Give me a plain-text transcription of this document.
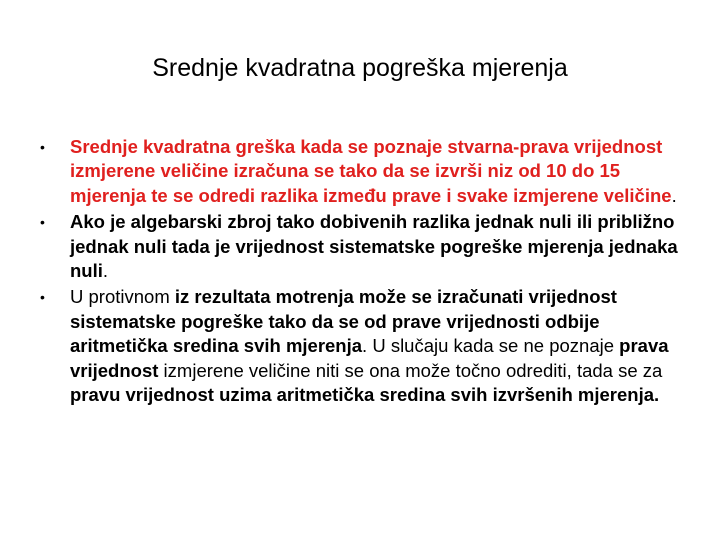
Srednje kvadratna pogreška mjerenja
• Srednje kvadratna greška kada se poznaje stvarna-prava vrijednost izmjerene veličine izračuna se tako da se izvrši niz od 10 do 15 mjerenja te se odredi razlika između prave i svake izmjerene veličine.
• Ako je algebarski zbroj tako dobivenih razlika jednak nuli ili približno jednak nuli tada je vrijednost sistematske pogreške mjerenja jednaka nuli.
• U protivnom iz rezultata motrenja može se izračunati vrijednost sistematske pogreške tako da se od prave vrijednosti odbije aritmetička sredina svih mjerenja. U slučaju kada se ne poznaje prava vrijednost izmjerene veličine niti se ona može točno odrediti, tada se za pravu vrijednost uzima aritmetička sredina svih izvršenih mjerenja.
